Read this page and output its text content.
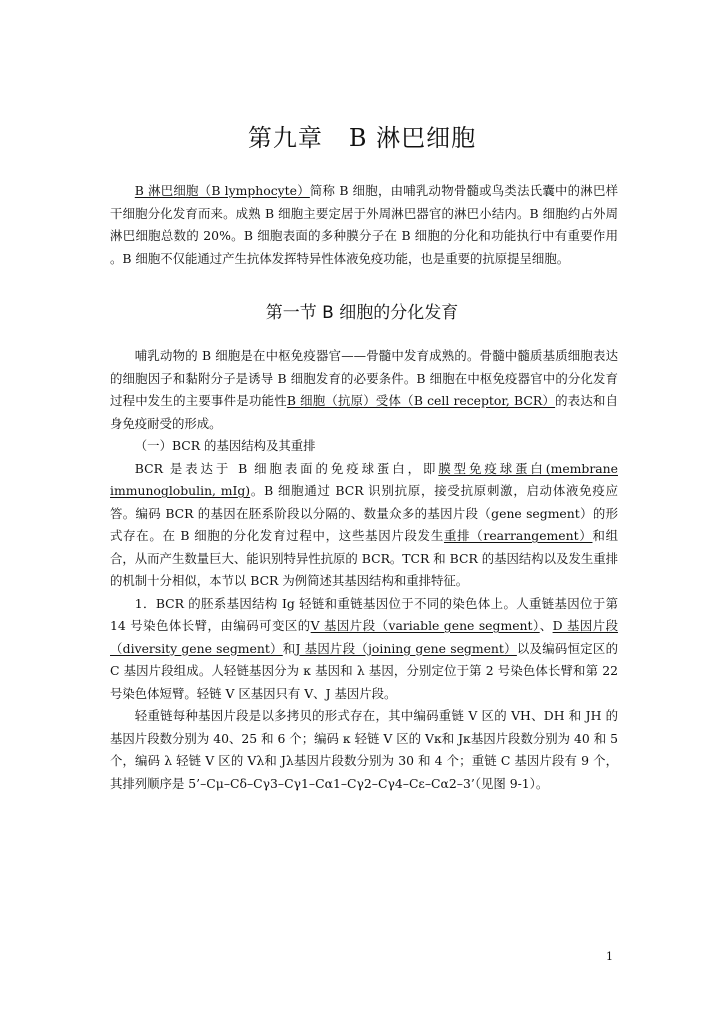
第九章 B 淋巴细胞

B 淋巴细胞（B lymphocyte）简称 B 细胞，由哺乳动物骨髓或鸟类法氏囊中的淋巴样干细胞分化发育而来。成熟 B 细胞主要定居于外周淋巴器官的淋巴小结内。B 细胞约占外周淋巴细胞总数的 20%。B 细胞表面的多种膜分子在 B 细胞的分化和功能执行中有重要作用 。B 细胞不仅能通过产生抗体发挥特异性体液免疫功能，也是重要的抗原提呈细胞。

第一节 B 细胞的分化发育

哺乳动物的 B 细胞是在中枢免疫器官——骨髓中发育成熟的。骨髓中髓质基质细胞表达的细胞因子和黏附分子是诱导 B 细胞发育的必要条件。B 细胞在中枢免疫器官中的分化发育过程中发生的主要事件是功能性B 细胞（抗原）受体（B cell receptor, BCR）的表达和自身免疫耐受的形成。

（一）BCR 的基因结构及其重排

BCR 是表达于 B 细胞表面的免疫球蛋白，即膜型免疫球蛋白(membrane immunoglobulin, mIg)。B 细胞通过 BCR 识别抗原，接受抗原刺激，启动体液免疫应答。编码 BCR 的基因在胚系阶段以分隔的、数量众多的基因片段（gene segment）的形式存在。在 B 细胞的分化发育过程中，这些基因片段发生重排（rearrangement）和组合，从而产生数量巨大、能识别特异性抗原的 BCR。TCR 和 BCR 的基因结构以及发生重排的机制十分相似，本节以 BCR 为例简述其基因结构和重排特征。

1．BCR 的胚系基因结构 Ig 轻链和重链基因位于不同的染色体上。人重链基因位于第 14 号染色体长臂，由编码可变区的V 基因片段（variable gene segment）、D 基因片段（diversity gene segment）和J 基因片段（joining gene segment）以及编码恒定区的 C 基因片段组成。人轻链基因分为 κ 基因和 λ 基因，分别定位于第 2 号染色体长臂和第 22 号染色体短臂。轻链 V 区基因只有 V、J 基因片段。

轻重链每种基因片段是以多拷贝的形式存在，其中编码重链 V 区的 VH、DH 和 JH 的基因片段数分别为 40、25 和 6 个；编码 κ 轻链 V 区的 Vκ和 Jκ基因片段数分别为 40 和 5 个，编码 λ 轻链 V 区的 Vλ和 Jλ基因片段数分别为 30 和 4 个；重链 C 基因片段有 9 个，其排列顺序是 5’–Cμ–Cδ–Cγ3–Cγ1–Cα1–Cγ2–Cγ4–Cε–Cα2–3’（见图 9-1）。

1
